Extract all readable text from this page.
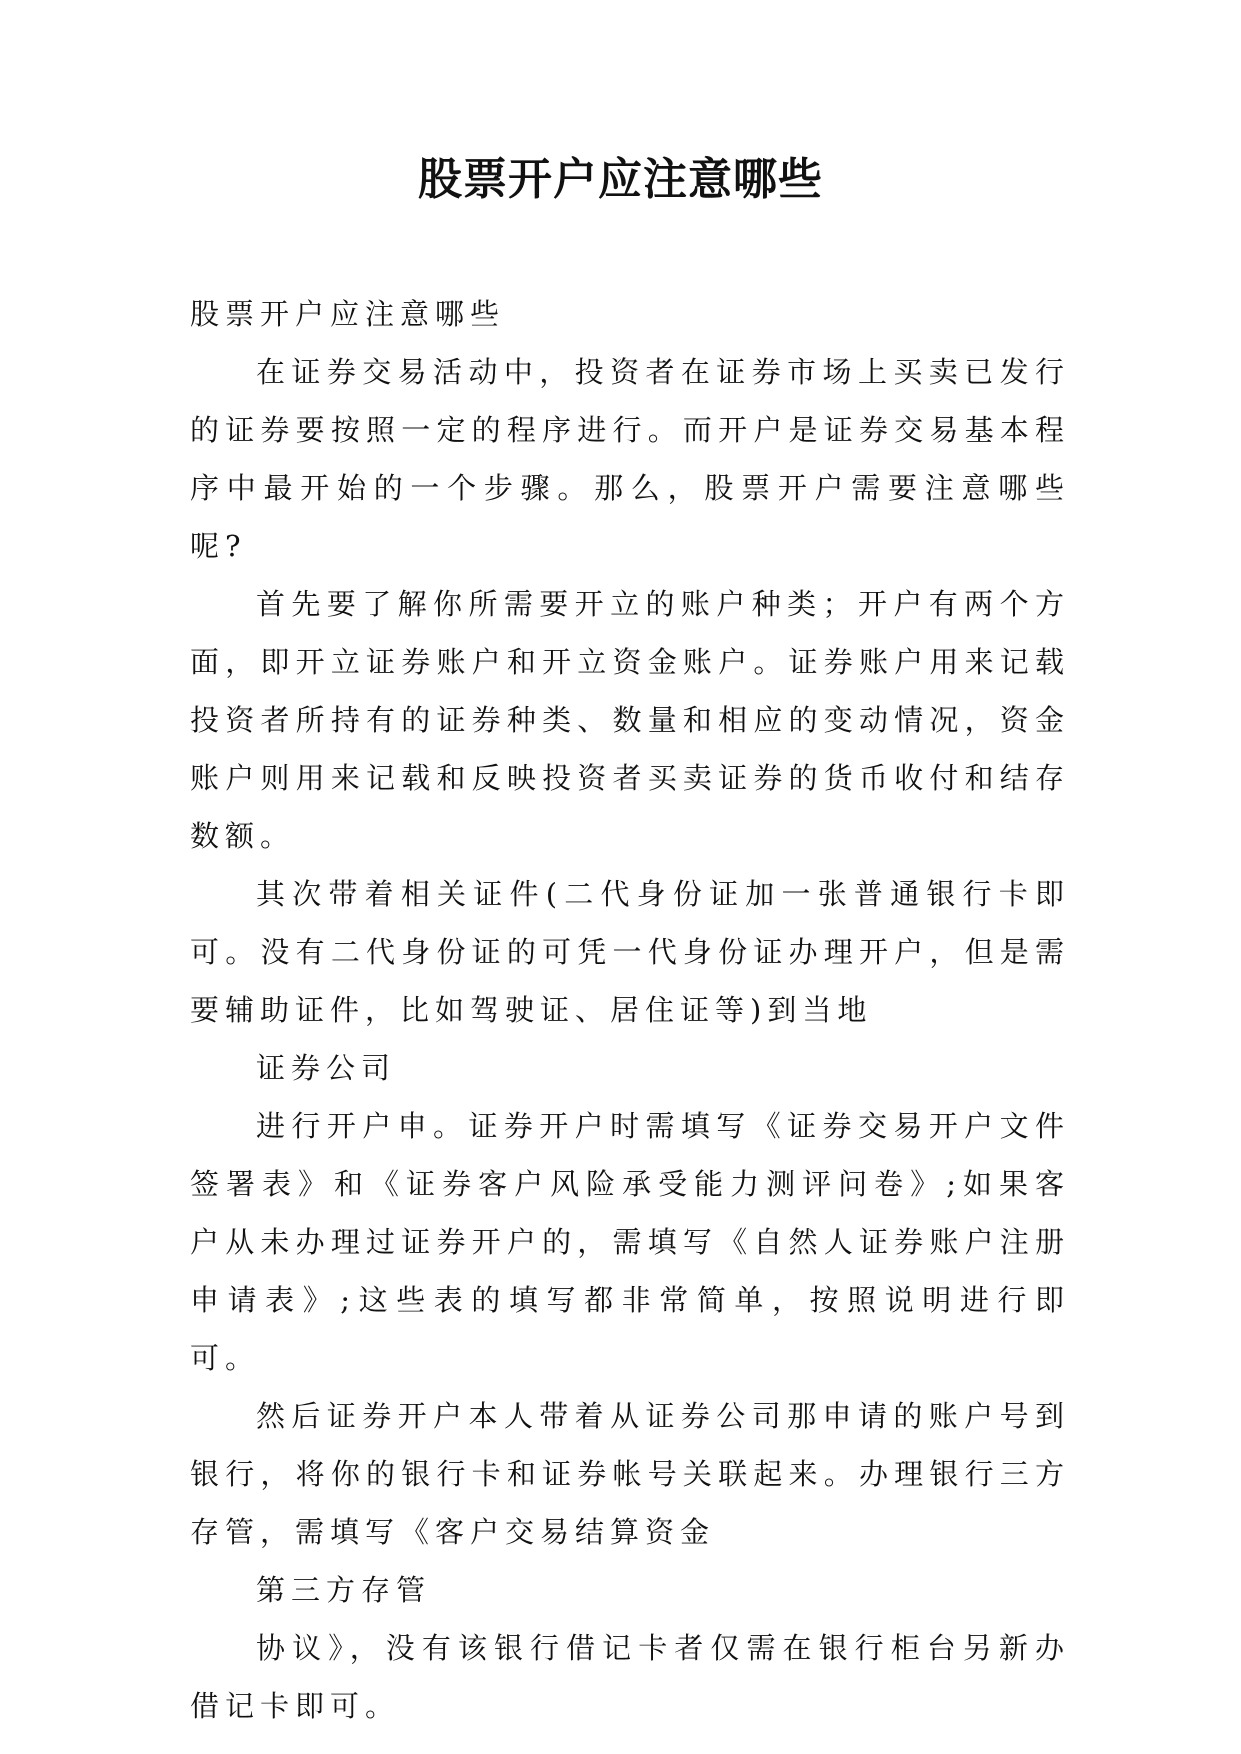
股票开户应注意哪些

股票开户应注意哪些

在证券交易活动中，投资者在证券市场上买卖已发行的证券要按照一定的程序进行。而开户是证券交易基本程序中最开始的一个步骤。那么，股票开户需要注意哪些呢?

首先要了解你所需要开立的账户种类；开户有两个方面，即开立证券账户和开立资金账户。证券账户用来记载投资者所持有的证券种类、数量和相应的变动情况，资金账户则用来记载和反映投资者买卖证券的货币收付和结存数额。

其次带着相关证件(二代身份证加一张普通银行卡即可。没有二代身份证的可凭一代身份证办理开户，但是需要辅助证件，比如驾驶证、居住证等)到当地

证券公司

进行开户申。证券开户时需填写《证券交易开户文件签署表》和《证券客户风险承受能力测评问卷》;如果客户从未办理过证券开户的，需填写《自然人证券账户注册申请表》;这些表的填写都非常简单，按照说明进行即可。

然后证券开户本人带着从证券公司那申请的账户号到银行，将你的银行卡和证券帐号关联起来。办理银行三方存管，需填写《客户交易结算资金

第三方存管

协议》，没有该银行借记卡者仅需在银行柜台另新办借记卡即可。
